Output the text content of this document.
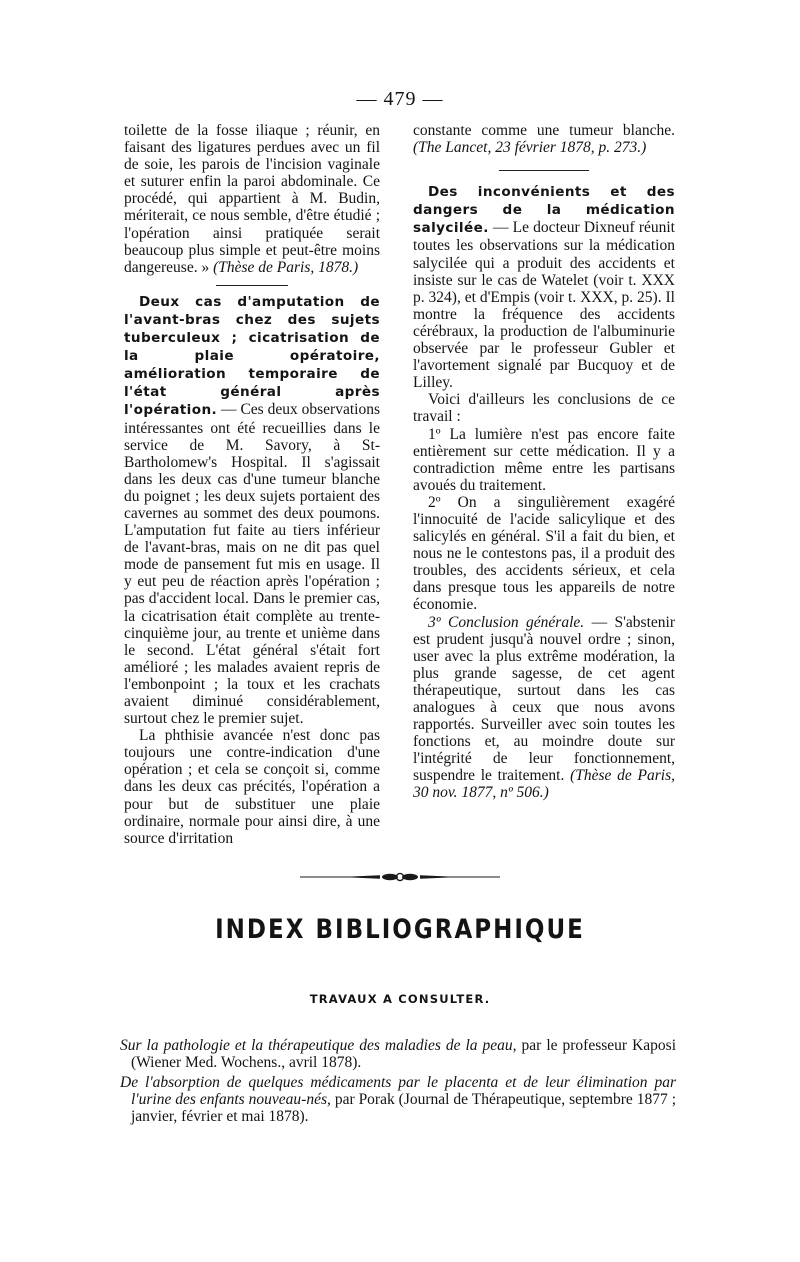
— 479 —

toilette de la fosse iliaque ; réunir, en faisant des ligatures perdues avec un fil de soie, les parois de l'incision vaginale et suturer enfin la paroi abdominale. Ce procédé, qui appartient à M. Budin, mériterait, ce nous semble, d'être étudié ; l'opération ainsi pratiquée serait beaucoup plus simple et peut-être moins dangereuse. » (Thèse de Paris, 1878.)

Deux cas d'amputation de l'avant-bras chez des sujets tuberculeux ; cicatrisation de la plaie opératoire, amélioration temporaire de l'état général après l'opération. — Ces deux observations intéressantes ont été recueillies dans le service de M. Savory, à St-Bartholomew's Hospital. Il s'agissait dans les deux cas d'une tumeur blanche du poignet ; les deux sujets portaient des cavernes au sommet des deux poumons. L'amputation fut faite au tiers inférieur de l'avant-bras, mais on ne dit pas quel mode de pansement fut mis en usage. Il y eut peu de réaction après l'opération ; pas d'accident local. Dans le premier cas, la cicatrisation était complète au trente-cinquième jour, au trente et unième dans le second. L'état général s'était fort amélioré ; les malades avaient repris de l'embonpoint ; la toux et les crachats avaient diminué considérablement, surtout chez le premier sujet.

La phthisie avancée n'est donc pas toujours une contre-indication d'une opération ; et cela se conçoit si, comme dans les deux cas précités, l'opération a pour but de substituer une plaie ordinaire, normale pour ainsi dire, à une source d'irritation

constante comme une tumeur blanche. (The Lancet, 23 février 1878, p. 273.)

Des inconvénients et des dangers de la médication salycilée. — Le docteur Dixneuf réunit toutes les observations sur la médication salycilée qui a produit des accidents et insiste sur le cas de Watelet (voir t. XXX p. 324), et d'Empis (voir t. XXX, p. 25). Il montre la fréquence des accidents cérébraux, la production de l'albuminurie observée par le professeur Gubler et l'avortement signalé par Bucquoy et de Lilley.

Voici d'ailleurs les conclusions de ce travail :

1º La lumière n'est pas encore faite entièrement sur cette médication. Il y a contradiction même entre les partisans avoués du traitement.

2º On a singulièrement exagéré l'innocuité de l'acide salicylique et des salicylés en général. S'il a fait du bien, et nous ne le contestons pas, il a produit des troubles, des accidents sérieux, et cela dans presque tous les appareils de notre économie.

3º Conclusion générale. — S'abstenir est prudent jusqu'à nouvel ordre ; sinon, user avec la plus extrême modération, la plus grande sagesse, de cet agent thérapeutique, surtout dans les cas analogues à ceux que nous avons rapportés. Surveiller avec soin toutes les fonctions et, au moindre doute sur l'intégrité de leur fonctionnement, suspendre le traitement. (Thèse de Paris, 30 nov. 1877, nº 506.)

INDEX BIBLIOGRAPHIQUE
TRAVAUX A CONSULTER.

Sur la pathologie et la thérapeutique des maladies de la peau, par le professeur Kaposi (Wiener Med. Wochens., avril 1878).

De l'absorption de quelques médicaments par le placenta et de leur élimination par l'urine des enfants nouveau-nés, par Porak (Journal de Thérapeutique, septembre 1877 ; janvier, février et mai 1878).
